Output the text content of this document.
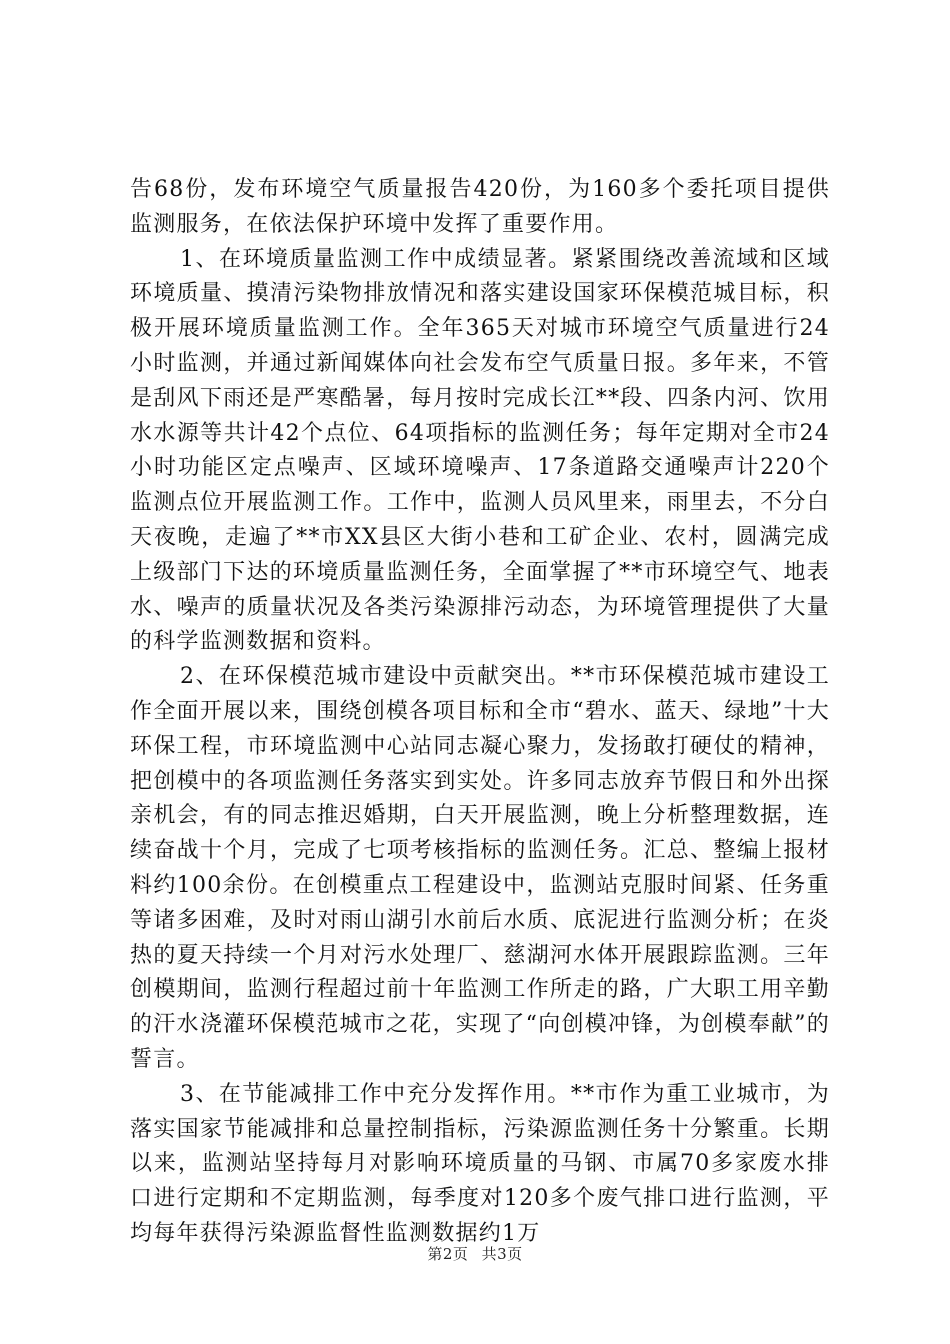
告68份，发布环境空气质量报告420份，为160多个委托项目提供监测服务，在依法保护环境中发挥了重要作用。

1、在环境质量监测工作中成绩显著。紧紧围绕改善流域和区域环境质量、摸清污染物排放情况和落实建设国家环保模范城目标，积极开展环境质量监测工作。全年365天对城市环境空气质量进行24小时监测，并通过新闻媒体向社会发布空气质量日报。多年来，不管是刮风下雨还是严寒酷暑，每月按时完成长江**段、四条内河、饮用水水源等共计42个点位、64项指标的监测任务；每年定期对全市24小时功能区定点噪声、区域环境噪声、17条道路交通噪声计220个监测点位开展监测工作。工作中，监测人员风里来，雨里去，不分白天夜晚，走遍了**市XX县区大街小巷和工矿企业、农村，圆满完成上级部门下达的环境质量监测任务，全面掌握了**市环境空气、地表水、噪声的质量状况及各类污染源排污动态，为环境管理提供了大量的科学监测数据和资料。

2、在环保模范城市建设中贡献突出。**市环保模范城市建设工作全面开展以来，围绕创模各项目标和全市“碧水、蓝天、绿地”十大环保工程，市环境监测中心站同志凝心聚力，发扬敢打硬仗的精神，把创模中的各项监测任务落实到实处。许多同志放弃节假日和外出探亲机会，有的同志推迟婚期，白天开展监测，晚上分析整理数据，连续奋战十个月，完成了七项考核指标的监测任务。汇总、整编上报材料约100余份。在创模重点工程建设中，监测站克服时间紧、任务重等诸多困难，及时对雨山湖引水前后水质、底泥进行监测分析；在炎热的夏天持续一个月对污水处理厂、慈湖河水体开展跟踪监测。三年创模期间，监测行程超过前十年监测工作所走的路，广大职工用辛勤的汗水浇灌环保模范城市之花，实现了“向创模冲锋，为创模奉献”的誓言。

3、在节能减排工作中充分发挥作用。**市作为重工业城市，为落实国家节能减排和总量控制指标，污染源监测任务十分繁重。长期以来，监测站坚持每月对影响环境质量的马钢、市属70多家废水排口进行定期和不定期监测，每季度对120多个废气排口进行监测，平均每年获得污染源监督性监测数据约1万

第2页 共3页
